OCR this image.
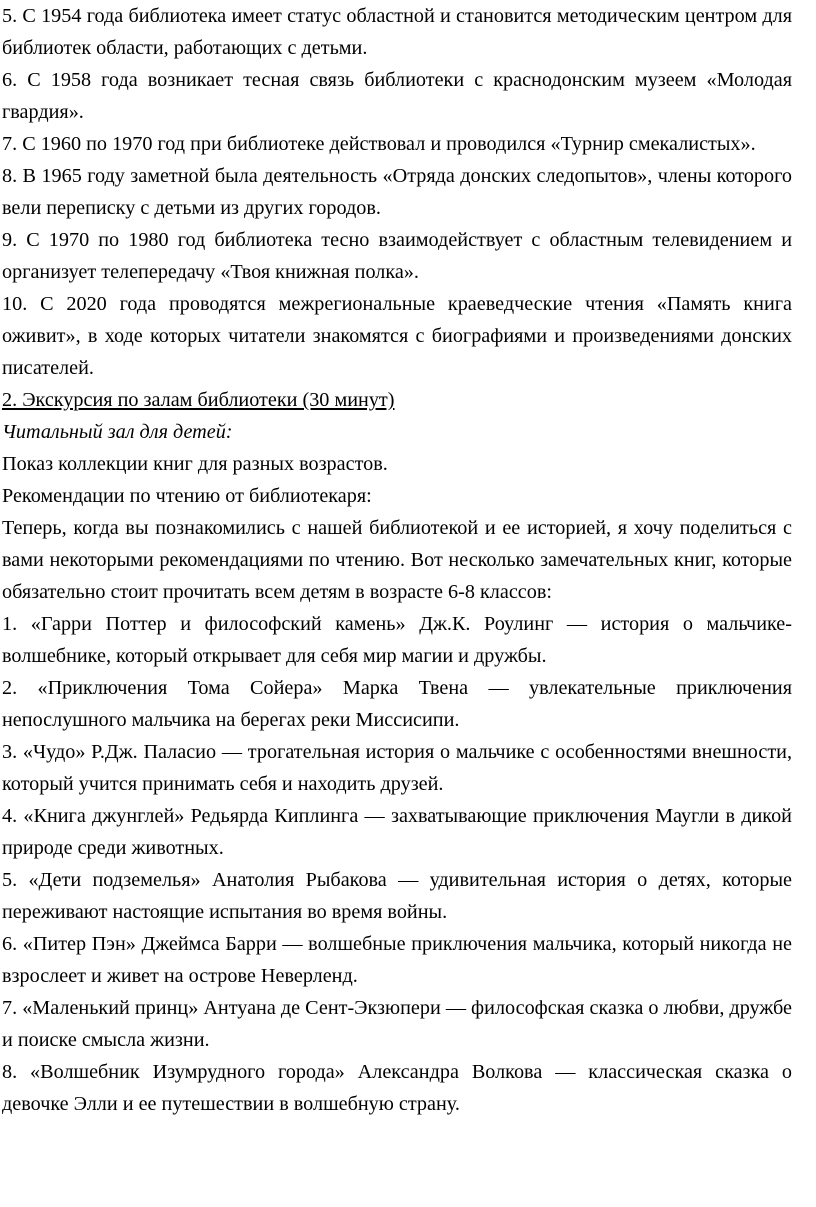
5. С 1954 года библиотека имеет статус областной и становится методическим центром для библиотек области, работающих с детьми.

6. С 1958 года возникает тесная связь библиотеки с краснодонским музеем «Молодая гвардия».

7. С 1960 по 1970 год при библиотеке действовал и проводился «Турнир смекалистых».

8. В 1965 году заметной была деятельность «Отряда донских следопытов», члены которого вели переписку с детьми из других городов.

9. С 1970 по 1980 год библиотека тесно взаимодействует с областным телевидением и организует телепередачу «Твоя книжная полка».

10. С 2020 года проводятся межрегиональные краеведческие чтения «Память книга оживит», в ходе которых читатели знакомятся с биографиями и произведениями донских писателей.

2. Экскурсия по залам библиотеки (30 минут)

Читальный зал для детей:

Показ коллекции книг для разных возрастов.

Рекомендации по чтению от библиотекаря:

Теперь, когда вы познакомились с нашей библиотекой и ее историей, я хочу поделиться с вами некоторыми рекомендациями по чтению. Вот несколько замечательных книг, которые обязательно стоит прочитать всем детям в возрасте 6-8 классов:

1. «Гарри Поттер и философский камень» Дж.К. Роулинг — история о мальчике-волшебнике, который открывает для себя мир магии и дружбы.

2. «Приключения Тома Сойера» Марка Твена — увлекательные приключения непослушного мальчика на берегах реки Миссисипи.

3. «Чудо» Р.Дж. Паласио — трогательная история о мальчике с особенностями внешности, который учится принимать себя и находить друзей.

4. «Книга джунглей» Редьярда Киплинга — захватывающие приключения Маугли в дикой природе среди животных.

5. «Дети подземелья» Анатолия Рыбакова — удивительная история о детях, которые переживают настоящие испытания во время войны.

6. «Питер Пэн» Джеймса Барри — волшебные приключения мальчика, который никогда не взрослеет и живет на острове Неверленд.

7. «Маленький принц» Антуана де Сент-Экзюпери — философская сказка о любви, дружбе и поиске смысла жизни.

8. «Волшебник Изумрудного города» Александра Волкова — классическая сказка о девочке Элли и ее путешествии в волшебную страну.
